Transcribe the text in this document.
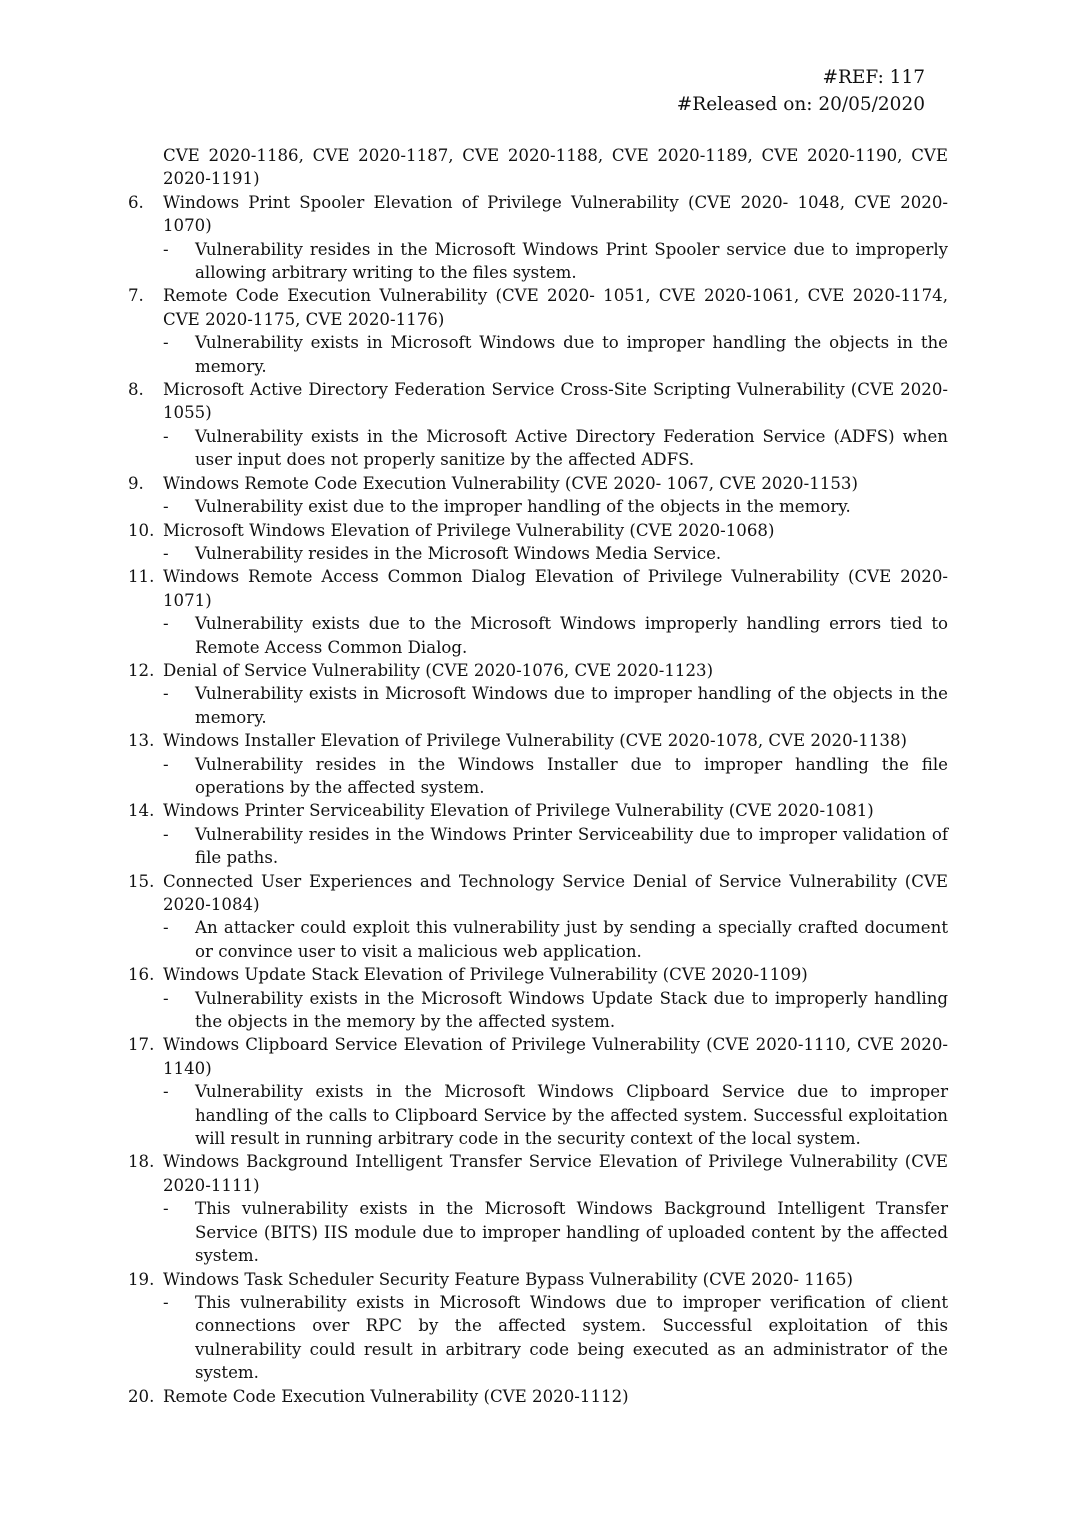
#REF: 117
#Released on: 20/05/2020
CVE 2020-1186, CVE 2020-1187, CVE 2020-1188, CVE 2020-1189, CVE 2020-1190, CVE 2020-1191)
6.	Windows Print Spooler Elevation of Privilege Vulnerability (CVE 2020- 1048, CVE 2020-1070)
-	Vulnerability resides in the Microsoft Windows Print Spooler service due to improperly allowing arbitrary writing to the files system.
7.	Remote Code Execution Vulnerability (CVE 2020- 1051, CVE 2020-1061, CVE 2020-1174, CVE 2020-1175, CVE 2020-1176)
-	Vulnerability exists in Microsoft Windows due to improper handling the objects in the memory.
8.	Microsoft Active Directory Federation Service Cross-Site Scripting Vulnerability (CVE 2020-1055)
-	Vulnerability exists in the Microsoft Active Directory Federation Service (ADFS) when user input does not properly sanitize by the affected ADFS.
9.	Windows Remote Code Execution Vulnerability (CVE 2020- 1067, CVE 2020-1153)
-	Vulnerability exist due to the improper handling of the objects in the memory.
10. Microsoft Windows Elevation of Privilege Vulnerability (CVE 2020-1068)
-	Vulnerability resides in the Microsoft Windows Media Service.
11. Windows Remote Access Common Dialog Elevation of Privilege Vulnerability (CVE 2020-1071)
-	Vulnerability exists due to the Microsoft Windows improperly handling errors tied to Remote Access Common Dialog.
12. Denial of Service Vulnerability (CVE 2020-1076, CVE 2020-1123)
-	Vulnerability exists in Microsoft Windows due to improper handling of the objects in the memory.
13. Windows Installer Elevation of Privilege Vulnerability (CVE 2020-1078, CVE 2020-1138)
-	Vulnerability resides in the Windows Installer due to improper handling the file operations by the affected system.
14. Windows Printer Serviceability Elevation of Privilege Vulnerability (CVE 2020-1081)
-	Vulnerability resides in the Windows Printer Serviceability due to improper validation of file paths.
15. Connected User Experiences and Technology Service Denial of Service Vulnerability (CVE 2020-1084)
-	An attacker could exploit this vulnerability just by sending a specially crafted document or convince user to visit a malicious web application.
16. Windows Update Stack Elevation of Privilege Vulnerability (CVE 2020-1109)
-	Vulnerability exists in the Microsoft Windows Update Stack due to improperly handling the objects in the memory by the affected system.
17. Windows Clipboard Service Elevation of Privilege Vulnerability (CVE 2020-1110, CVE 2020-1140)
-	Vulnerability exists in the Microsoft Windows Clipboard Service due to improper handling of the calls to Clipboard Service by the affected system. Successful exploitation will result in running arbitrary code in the security context of the local system.
18. Windows Background Intelligent Transfer Service Elevation of Privilege Vulnerability (CVE 2020-1111)
-	This vulnerability exists in the Microsoft Windows Background Intelligent Transfer Service (BITS) IIS module due to improper handling of uploaded content by the affected system.
19. Windows Task Scheduler Security Feature Bypass Vulnerability (CVE 2020- 1165)
-	This vulnerability exists in Microsoft Windows due to improper verification of client connections over RPC by the affected system. Successful exploitation of this vulnerability could result in arbitrary code being executed as an administrator of the system.
20. Remote Code Execution Vulnerability (CVE 2020-1112)
